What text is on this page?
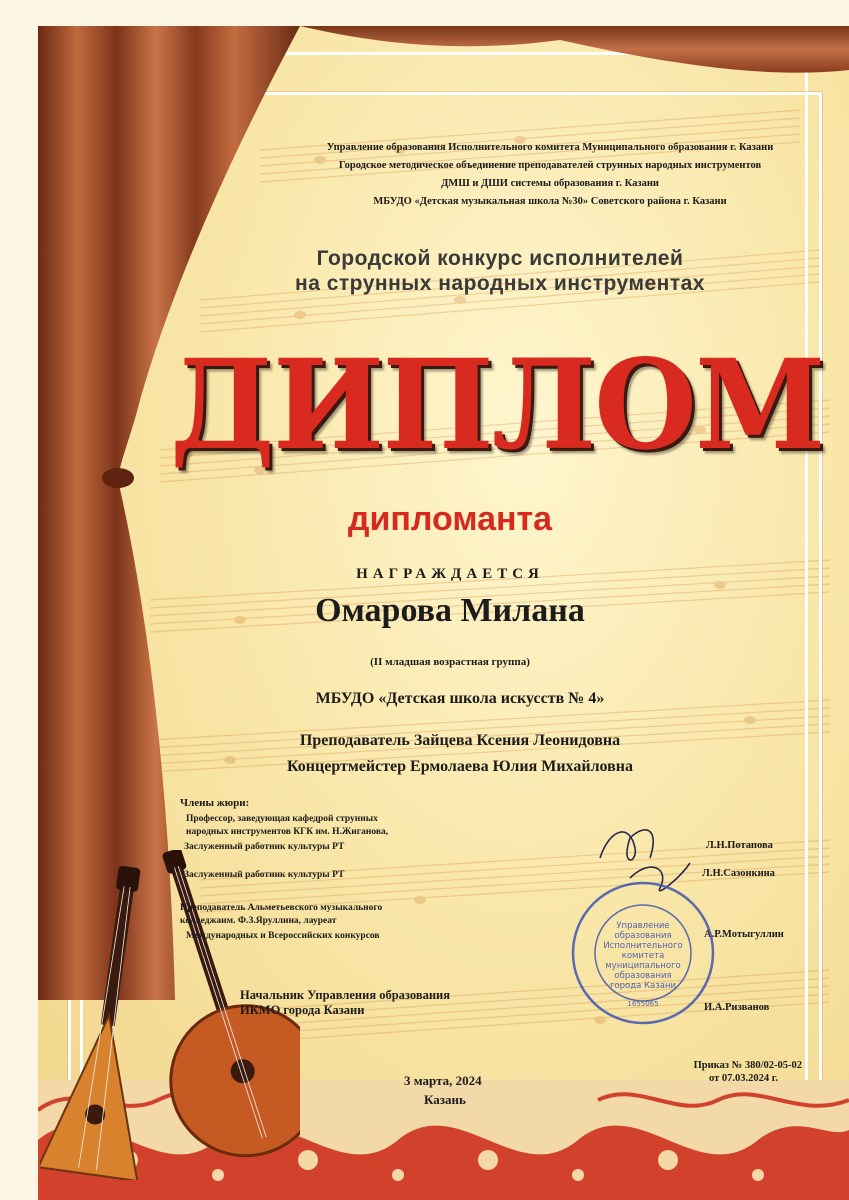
Управление образования Исполнительного комитета Муниципального образования г. Казани
Городское методическое объединение преподавателей струнных народных инструментов
ДМШ и ДШИ системы образования г. Казани
МБУДО «Детская музыкальная школа №30» Советского района г. Казани
Городской конкурс исполнителей
на струнных народных инструментах
ДИПЛОМ
дипломанта
НАГРАЖДАЕТСЯ
Омарова Милана
(II младшая возрастная группа)
МБУДО «Детская школа искусств № 4»
Преподаватель Зайцева Ксения Леонидовна
Концертмейстер Ермолаева Юлия Михайловна
Члены жюри:
Профессор, заведующая кафедрой струнных
народных инструментов КГК им. Н.Жиганова,
Заслуженный работник культуры РТ	Л.Н.Потапова
Заслуженный работник культуры РТ	Л.Н.Сазонкина
Преподаватель Альметьевского музыкального
колледжаим. Ф.З.Яруллина, лауреат
Международных и Всероссийских конкурсов	А.Р.Мотыгуллин
Начальник Управления образования
ИКМО города Казани	И.А.Ризванов
Управление
образования
Исполнительного
комитета
муниципального
образования
города Казани
1655065
3 марта, 2024
Казань
Приказ № 380/02-05-02
от 07.03.2024 г.
